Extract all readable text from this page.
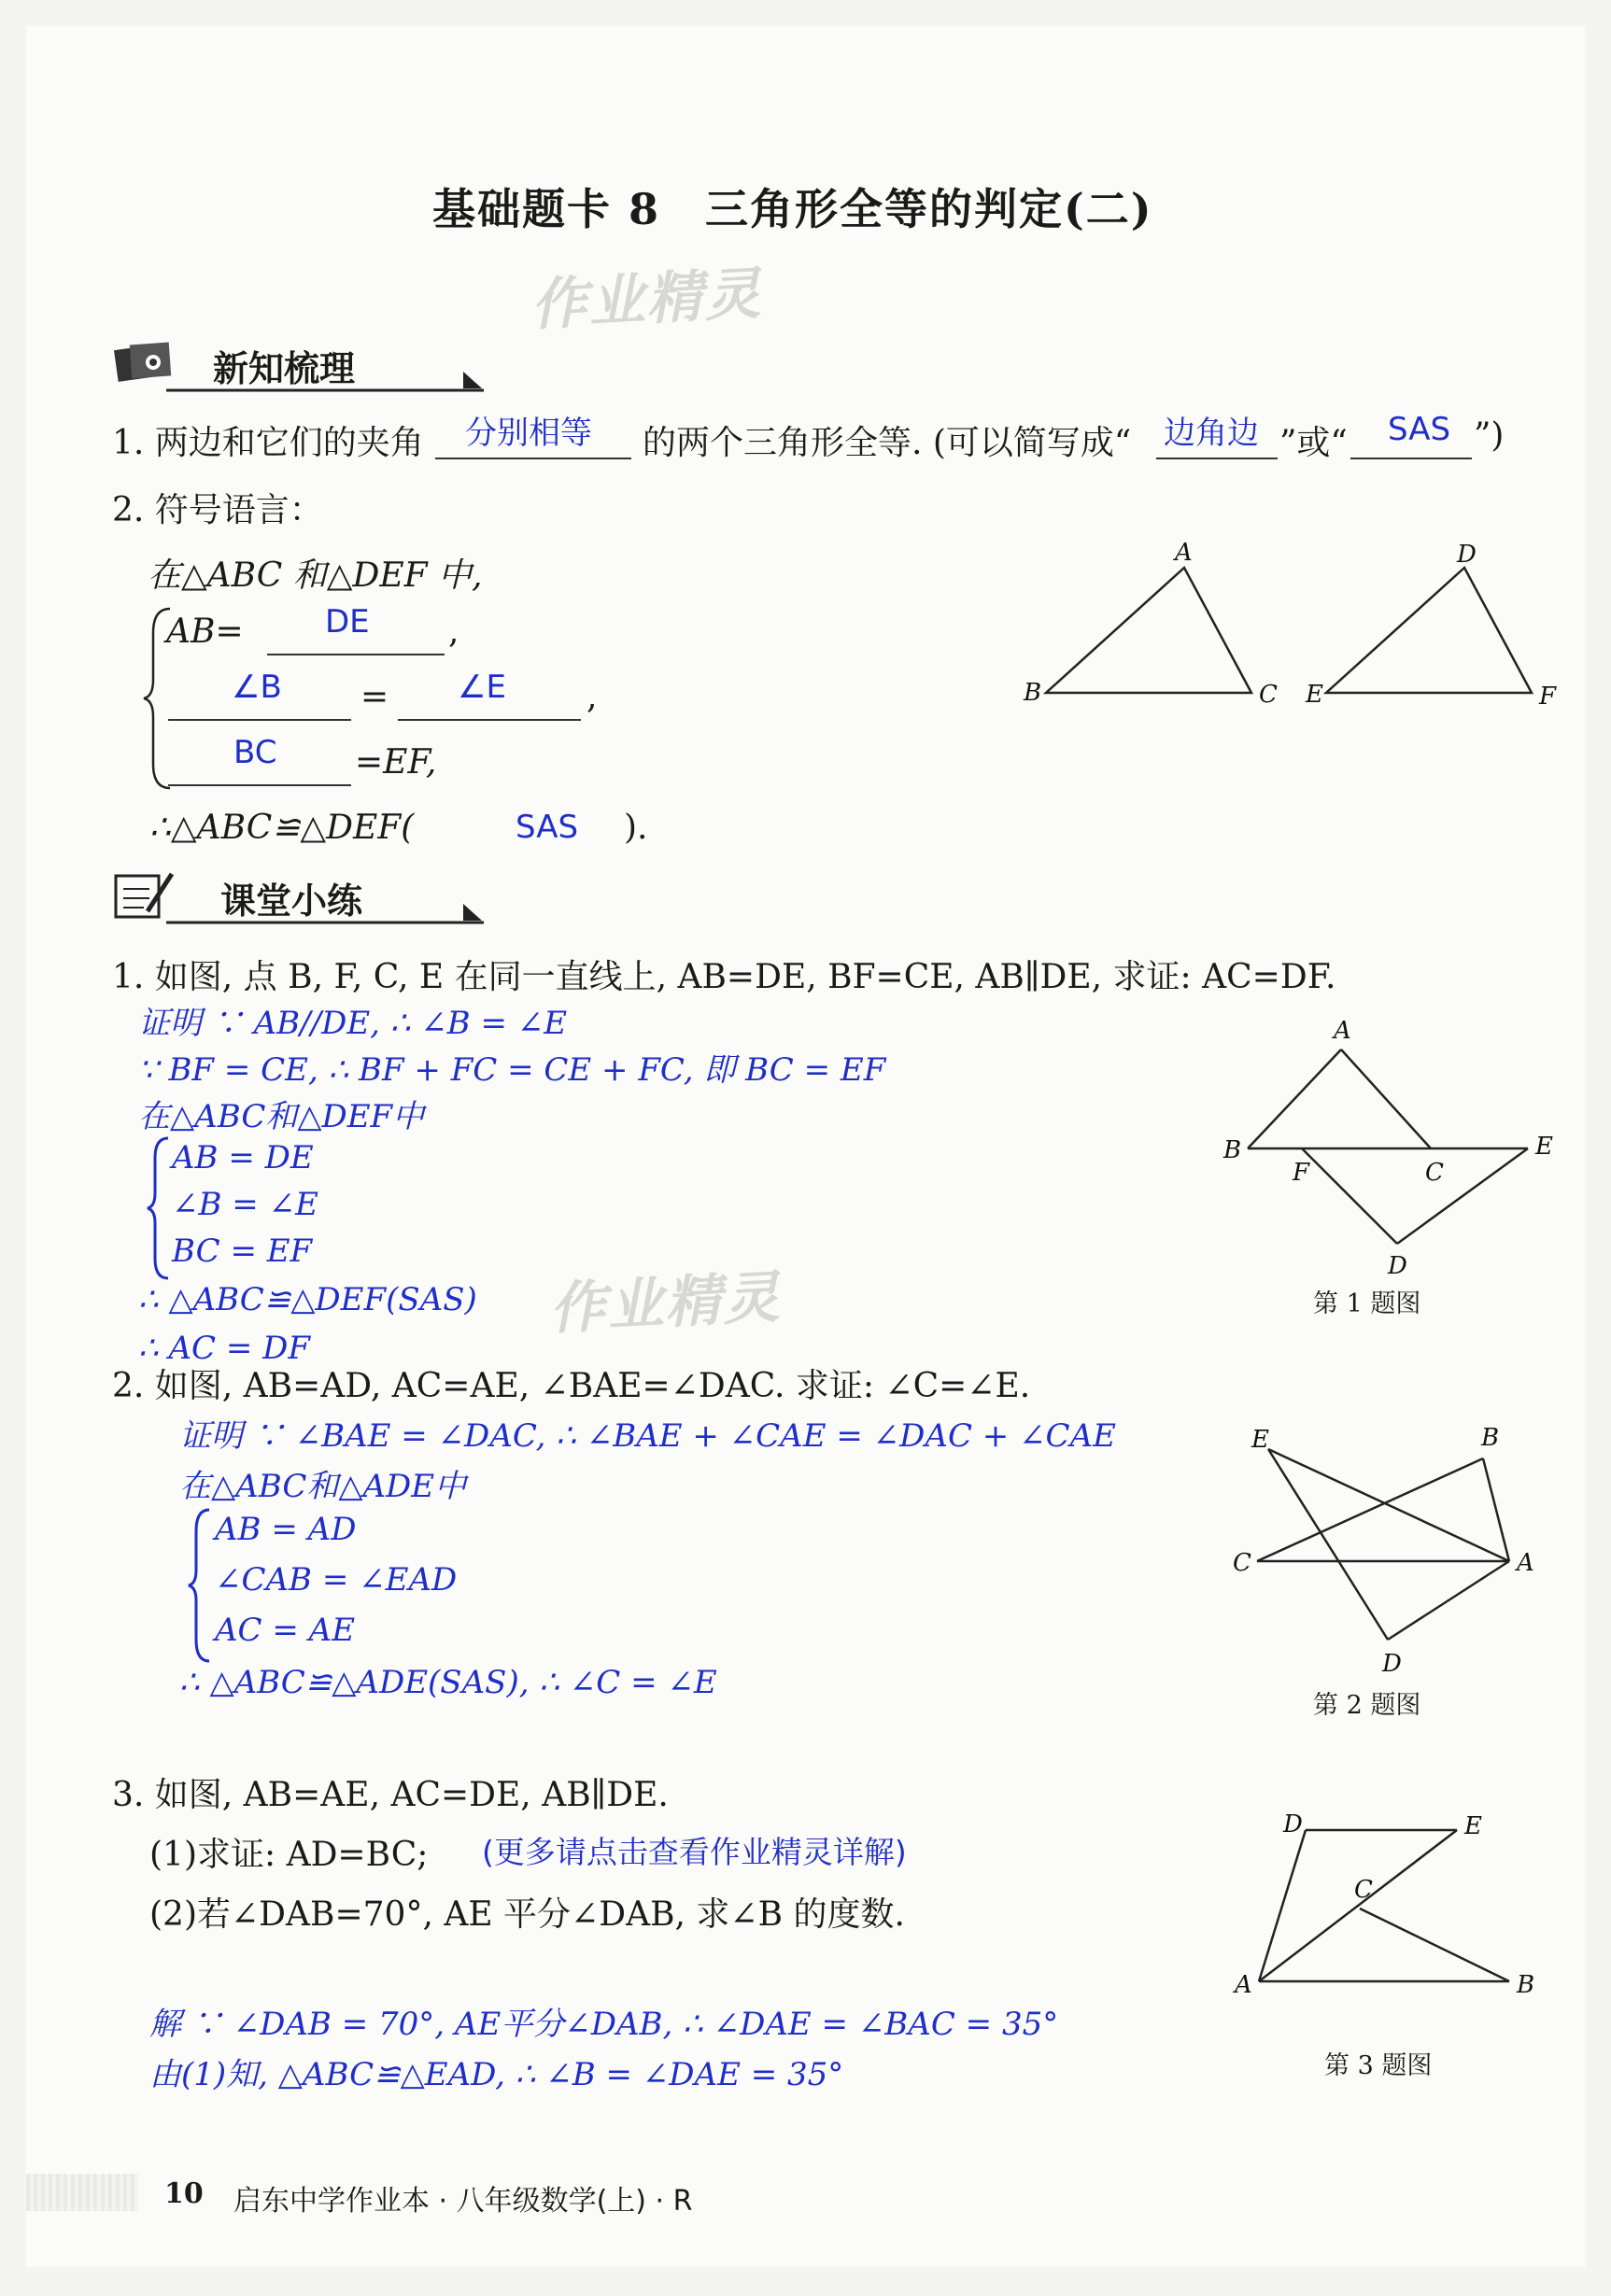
基础题卡 8　三角形全等的判定(二)
作业精灵
新知梳理
1. 两边和它们的夹角 分别相等 的两个三角形全等. (可以简写成“ 边角边 ”或“ SAS ”)
2. 符号语言：
在△ABC 和△DEF 中,
AB=	DE ,
∠B = ∠E ,
BC =EF,
∴△ABC≌△DEF(	SAS ).
A
B	C
D
E	F
课堂小练
1. 如图, 点 B, F, C, E 在同一直线上, AB=DE, BF=CE, AB∥DE, 求证: AC=DF.
证明 ∵ AB//DE, ∴ ∠B = ∠E
∵ BF = CE, ∴ BF + FC = CE + FC, 即 BC = EF
在△ABC和△DEF中
AB = DE
∠B = ∠E
BC = EF
∴ △ABC≌△DEF(SAS) 作业精灵
∴ AC = DF
A
B
F	C
E
D
第 1 题图
2. 如图, AB=AD, AC=AE, ∠BAE=∠DAC. 求证: ∠C=∠E.
证明 ∵ ∠BAE = ∠DAC, ∴ ∠BAE + ∠CAE = ∠DAC + ∠CAE
在△ABC和△ADE中
AB = AD
∠CAB = ∠EAD
AC = AE
∴ △ABC≌△ADE(SAS), ∴ ∠C = ∠E
E	B
C	A
D
第 2 题图
3. 如图, AB=AE, AC=DE, AB∥DE.
(1)求证: AD=BC; (更多请点击查看作业精灵详解)
(2)若∠DAB=70°, AE 平分∠DAB, 求∠B 的度数.
解 ∵ ∠DAB = 70°, AE平分∠DAB, ∴ ∠DAE = ∠BAC = 35°
由(1)知, △ABC≌△EAD, ∴ ∠B = ∠DAE = 35°
D	E
C
A	B
第 3 题图
10 启东中学作业本 · 八年级数学(上) · R
